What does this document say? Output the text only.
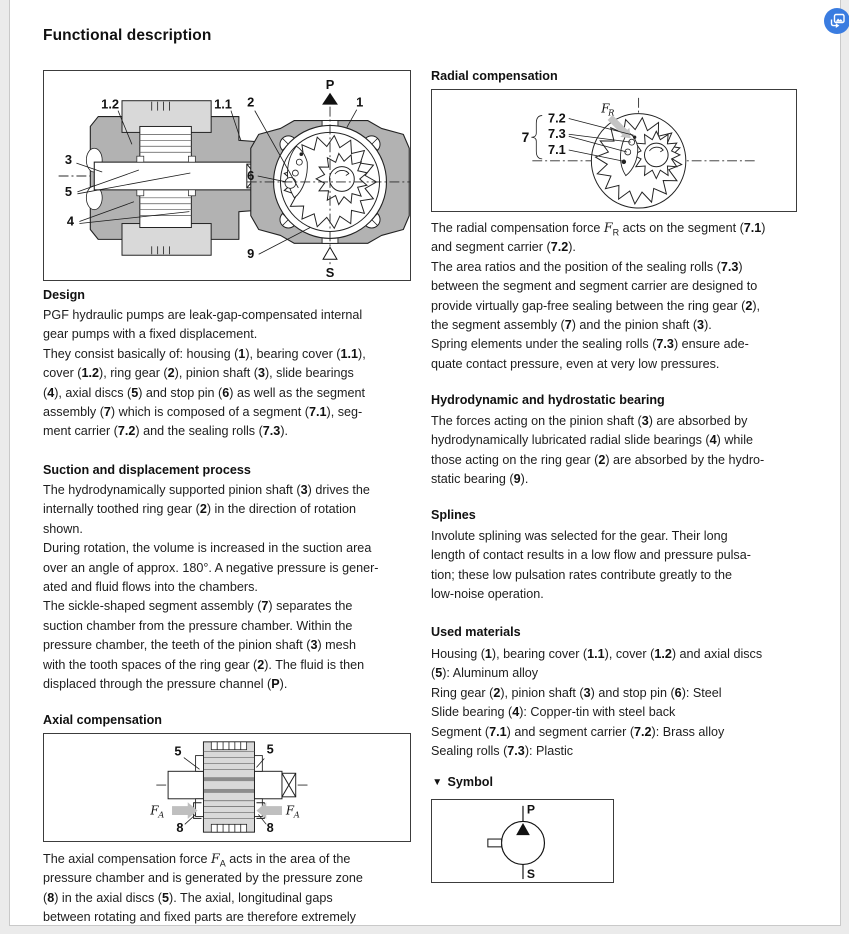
Functional description
1.2	1.1 2
P
1
3
6
5
4
9
S
Design
PGF hydraulic pumps are leak-gap-compensated internal
gear pumps with a fixed displacement.
They consist basically of: housing (1), bearing cover (1.1),
cover (1.2), ring gear (2), pinion shaft (3), slide bearings
(4), axial discs (5) and stop pin (6) as well as the segment
assembly (7) which is composed of a segment (7.1), seg-
ment carrier (7.2) and the sealing rolls (7.3).
Suction and displacement process
The hydrodynamically supported pinion shaft (3) drives the
internally toothed ring gear (2) in the direction of rotation
shown.
During rotation, the volume is increased in the suction area
over an angle of approx. 180°. A negative pressure is gener-
ated and fluid flows into the chambers.
The sickle-shaped segment assembly (7) separates the
suction chamber from the pressure chamber. Within the
pressure chamber, the teeth of the pinion shaft (3) mesh
with the tooth spaces of the ring gear (2). The fluid is then
displaced through the pressure channel (P).
Axial compensation
5	5
8	8
F A	F A
The axial compensation force $F_A$ acts in the area of the
pressure chamber and is generated by the pressure zone
(8) in the axial discs (5). The axial, longitudinal gaps
between rotating and fixed parts are therefore extremely
Radial compensation
F
R
7.2
7.3
7.1
7
The radial compensation force $F_R$ acts on the segment (7.1)
and segment carrier (7.2).
The area ratios and the position of the sealing rolls (7.3)
between the segment and segment carrier are designed to
provide virtually gap-free sealing between the ring gear (2),
the segment assembly (7) and the pinion shaft (3).
Spring elements under the sealing rolls (7.3) ensure ade-
quate contact pressure, even at very low pressures.
Hydrodynamic and hydrostatic bearing
The forces acting on the pinion shaft (3) are absorbed by
hydrodynamically lubricated radial slide bearings (4) while
those acting on the ring gear (2) are absorbed by the hydro-
static bearing (9).
Splines
Involute splining was selected for the gear. Their long
length of contact results in a low flow and pressure pulsa-
tion; these low pulsation rates contribute greatly to the
low-noise operation.
Used materials
Housing (1), bearing cover (1.1), cover (1.2) and axial discs
(5): Aluminum alloy
Ring gear (2), pinion shaft (3) and stop pin (6): Steel
Slide bearing (4): Copper-tin with steel back
Segment (7.1) and segment carrier (7.2): Brass alloy
Sealing rolls (7.3): Plastic
▼ Symbol
P
S
